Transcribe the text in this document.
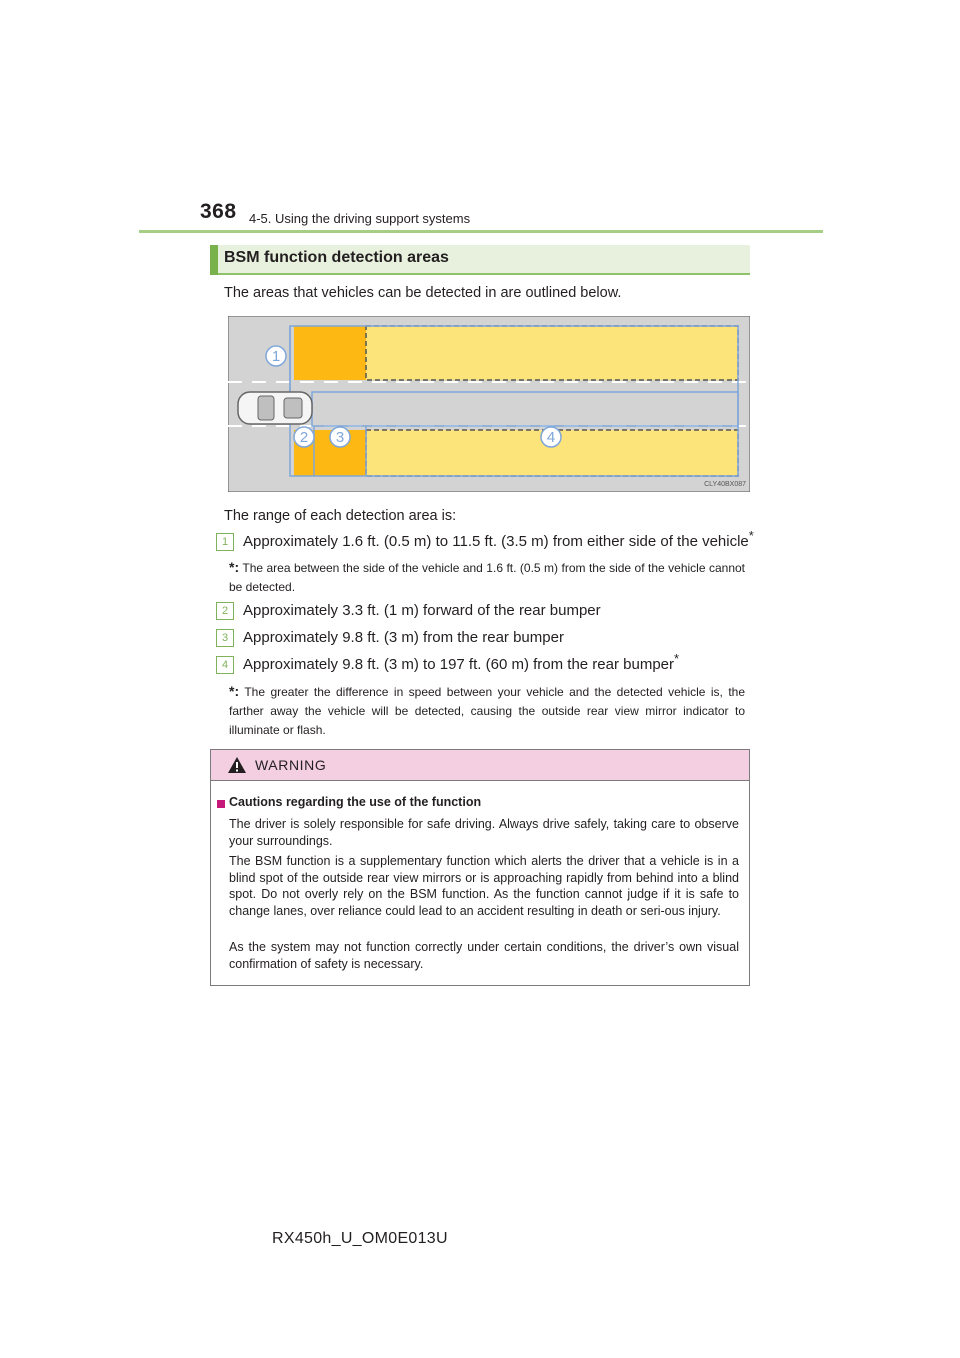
368 4-5. Using the driving support systems
BSM function detection areas
The areas that vehicles can be detected in are outlined below.
1
2 3	4
CLY40BX087
The range of each detection area is:
1 Approximately 1.6 ft. (0.5 m) to 11.5 ft. (3.5 m) from either side of the vehicle*
*: The area between the side of the vehicle and 1.6 ft. (0.5 m) from the side of the vehicle cannot be detected.
2 Approximately 3.3 ft. (1 m) forward of the rear bumper
3 Approximately 9.8 ft. (3 m) from the rear bumper
4 Approximately 9.8 ft. (3 m) to 197 ft. (60 m) from the rear bumper*
*: The greater the difference in speed between your vehicle and the detected vehicle is, the farther away the vehicle will be detected, causing the outside rear view mirror indicator to illuminate or flash.
WARNING
Cautions regarding the use of the function
The driver is solely responsible for safe driving. Always drive safely, taking care to observe your surroundings.
The BSM function is a supplementary function which alerts the driver that a vehicle is in a blind spot of the outside rear view mirrors or is approaching rapidly from behind into a blind spot. Do not overly rely on the BSM function. As the function cannot judge if it is safe to change lanes, over reliance could lead to an accident resulting in death or seri-ous injury.
As the system may not function correctly under certain conditions, the driver’s own visual confirmation of safety is necessary.
RX450h_U_OM0E013U
